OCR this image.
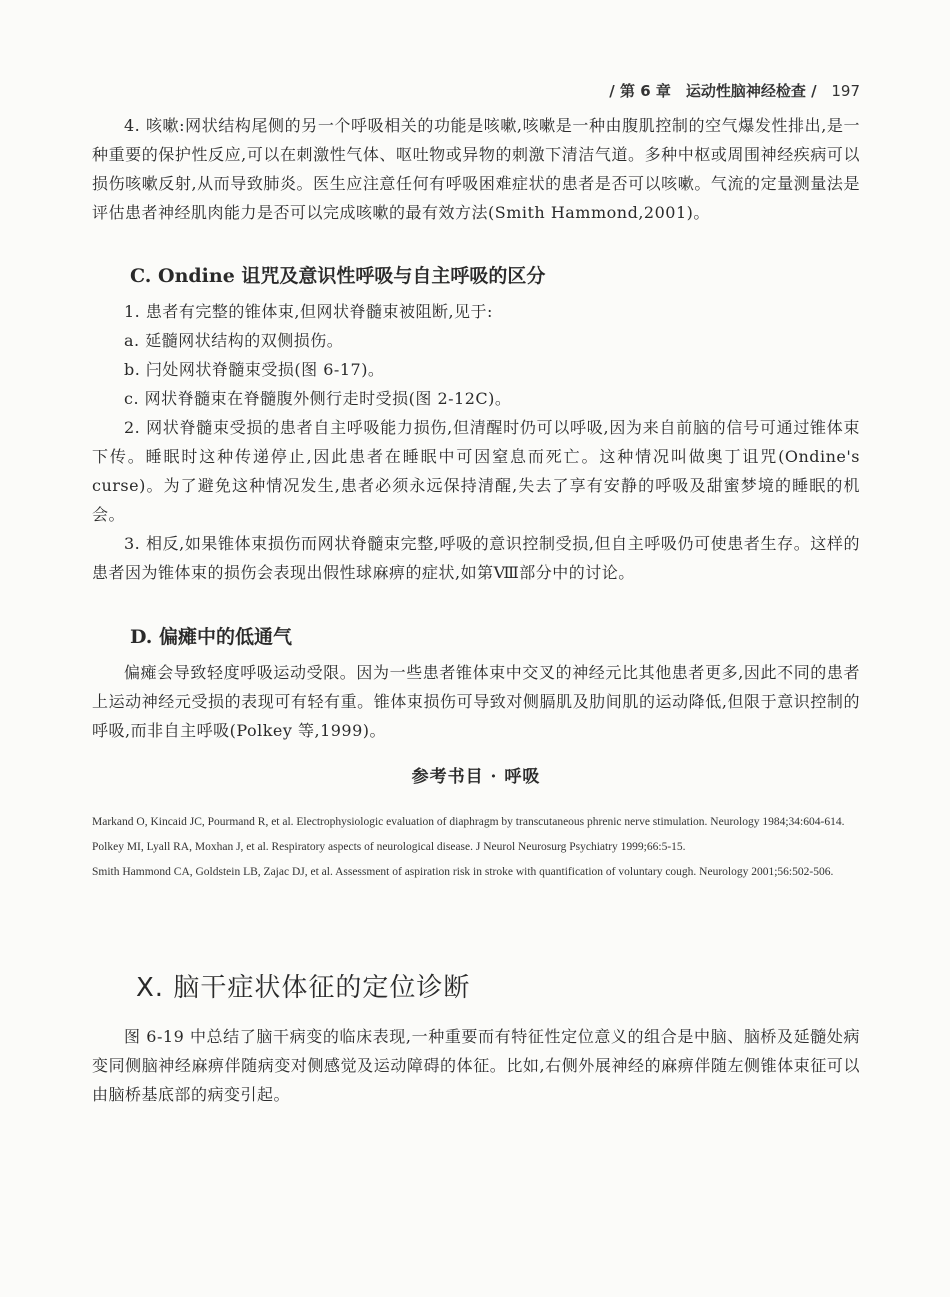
/ 第 6 章　运动性脑神经检查 / 197

4. 咳嗽:网状结构尾侧的另一个呼吸相关的功能是咳嗽,咳嗽是一种由腹肌控制的空气爆发性排出,是一种重要的保护性反应,可以在刺激性气体、呕吐物或异物的刺激下清洁气道。多种中枢或周围神经疾病可以损伤咳嗽反射,从而导致肺炎。医生应注意任何有呼吸困难症状的患者是否可以咳嗽。气流的定量测量法是评估患者神经肌肉能力是否可以完成咳嗽的最有效方法(Smith Hammond,2001)。

C. Ondine 诅咒及意识性呼吸与自主呼吸的区分

1. 患者有完整的锥体束,但网状脊髓束被阻断,见于:

a. 延髓网状结构的双侧损伤。

b. 闩处网状脊髓束受损(图 6-17)。

c. 网状脊髓束在脊髓腹外侧行走时受损(图 2-12C)。

2. 网状脊髓束受损的患者自主呼吸能力损伤,但清醒时仍可以呼吸,因为来自前脑的信号可通过锥体束下传。睡眠时这种传递停止,因此患者在睡眠中可因窒息而死亡。这种情况叫做奥丁诅咒(Ondine's curse)。为了避免这种情况发生,患者必须永远保持清醒,失去了享有安静的呼吸及甜蜜梦境的睡眠的机会。

3. 相反,如果锥体束损伤而网状脊髓束完整,呼吸的意识控制受损,但自主呼吸仍可使患者生存。这样的患者因为锥体束的损伤会表现出假性球麻痹的症状,如第Ⅷ部分中的讨论。

D. 偏瘫中的低通气

偏瘫会导致轻度呼吸运动受限。因为一些患者锥体束中交叉的神经元比其他患者更多,因此不同的患者上运动神经元受损的表现可有轻有重。锥体束损伤可导致对侧膈肌及肋间肌的运动降低,但限于意识控制的呼吸,而非自主呼吸(Polkey 等,1999)。

参考书目 · 呼吸
Markand O, Kincaid JC, Pourmand R, et al. Electrophysiologic evaluation of diaphragm by transcutaneous phrenic nerve stimulation. Neurology 1984;34:604-614.
Polkey MI, Lyall RA, Moxhan J, et al. Respiratory aspects of neurological disease. J Neurol Neurosurg Psychiatry 1999;66:5-15.
Smith Hammond CA, Goldstein LB, Zajac DJ, et al. Assessment of aspiration risk in stroke with quantification of voluntary cough. Neurology 2001;56:502-506.
X. 脑干症状体征的定位诊断

图 6-19 中总结了脑干病变的临床表现,一种重要而有特征性定位意义的组合是中脑、脑桥及延髓处病变同侧脑神经麻痹伴随病变对侧感觉及运动障碍的体征。比如,右侧外展神经的麻痹伴随左侧锥体束征可以由脑桥基底部的病变引起。
